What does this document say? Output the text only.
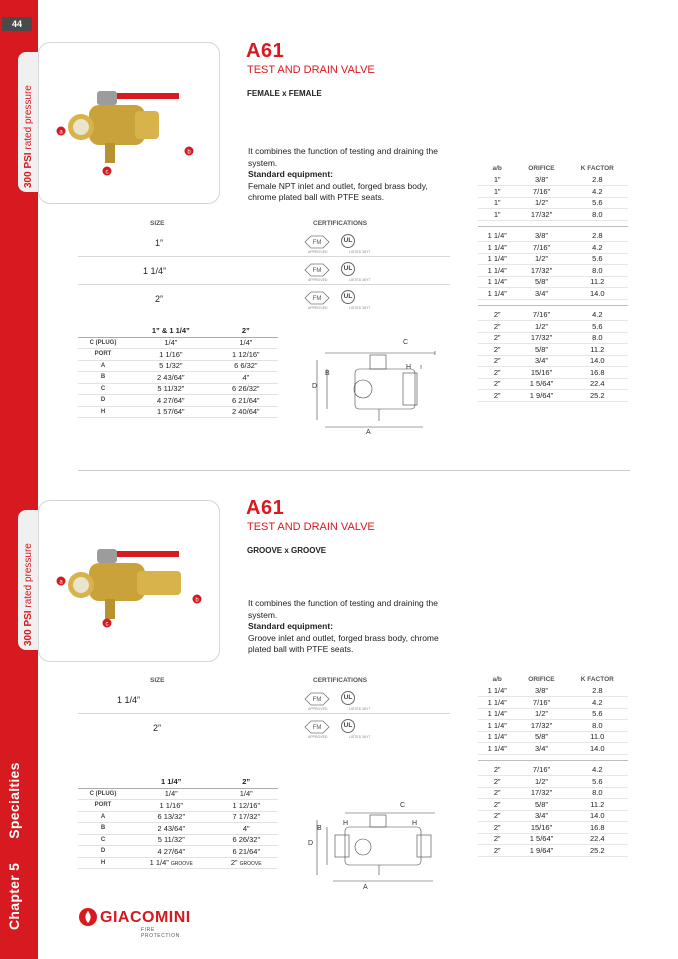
44
Chapter 5Specialties
300 PSI rated pressure	a
b
c
A61
TEST AND DRAIN VALVE
FEMALE x FEMALE
It combines the function of testing and draining the system.
Standard equipment:
Female NPT inlet and outlet, forged brass body, chrome plated ball with PTFE seats.
SIZE	CERTIFICATIONS
1”	FM
APPROVED
UL
LISTED 36Y7
1 1/4”	FM
APPROVED
UL
LISTED 36Y7
2”	FM
APPROVED
UL
LISTED 36Y7
a/b	ORIFICE	K FACTOR
1”	3/8”	2.8
1”	7/16”	4.2
1”	1/2”	5.6
1”	17/32”	8.0

1 1/4”	3/8”	2.8
1 1/4”	7/16”	4.2
1 1/4”	1/2”	5.6
1 1/4”	17/32”	8.0
1 1/4”	5/8”	11.2
1 1/4”	3/4”	14.0

2”	7/16”	4.2
2”	1/2”	5.6
2”	17/32”	8.0
2”	5/8”	11.2
2”	3/4”	14.0
2”	15/16”	16.8
2”	1 5/64”	22.4
2”	1 9/64”	25.2
	1” & 1 1/4”	2”
C (PLUG)	1/4”	1/4”
PORT	1 1/16”	1 12/16”
A	5 1/32”	6 6/32”
B	2 43/64”	4”
C	5 11/32”	6 26/32”
D	4 27/64”	6 21/64”
H	1 57/64”	2 40/64”
C
B
D
H
A
300 PSI rated pressure	a
b
c
A61
TEST AND DRAIN VALVE
GROOVE x GROOVE
It combines the function of testing and draining the system.
Standard equipment:
Groove inlet and outlet, forged brass body, chrome plated ball with PTFE seats.
SIZE	CERTIFICATIONS
1 1/4”	FM
APPROVED
UL
LISTED 36Y7
2”	FM
APPROVED
UL
LISTED 36Y7
a/b	ORIFICE	K FACTOR
1 1/4”	3/8”	2.8
1 1/4”	7/16”	4.2
1 1/4”	1/2”	5.6
1 1/4”	17/32”	8.0
1 1/4”	5/8”	11.0
1 1/4”	3/4”	14.0

2”	7/16”	4.2
2”	1/2”	5.6
2”	17/32”	8.0
2”	5/8”	11.2
2”	3/4”	14.0
2”	15/16”	16.8
2”	1 5/64”	22.4
2”	1 9/64”	25.2
	1 1/4”	2”
C (PLUG)	1/4”	1/4”
PORT	1 1/16”	1 12/16”
A	6 13/32”	7 17/32”
B	2 43/64”	4”
C	5 11/32”	6 26/32”
D	4 27/64”	6 21/64”
H	1 1/4” GROOVE	2” GROOVE
C
B
D
H	H
A
GIACOMINI
FIRE PROTECTION
